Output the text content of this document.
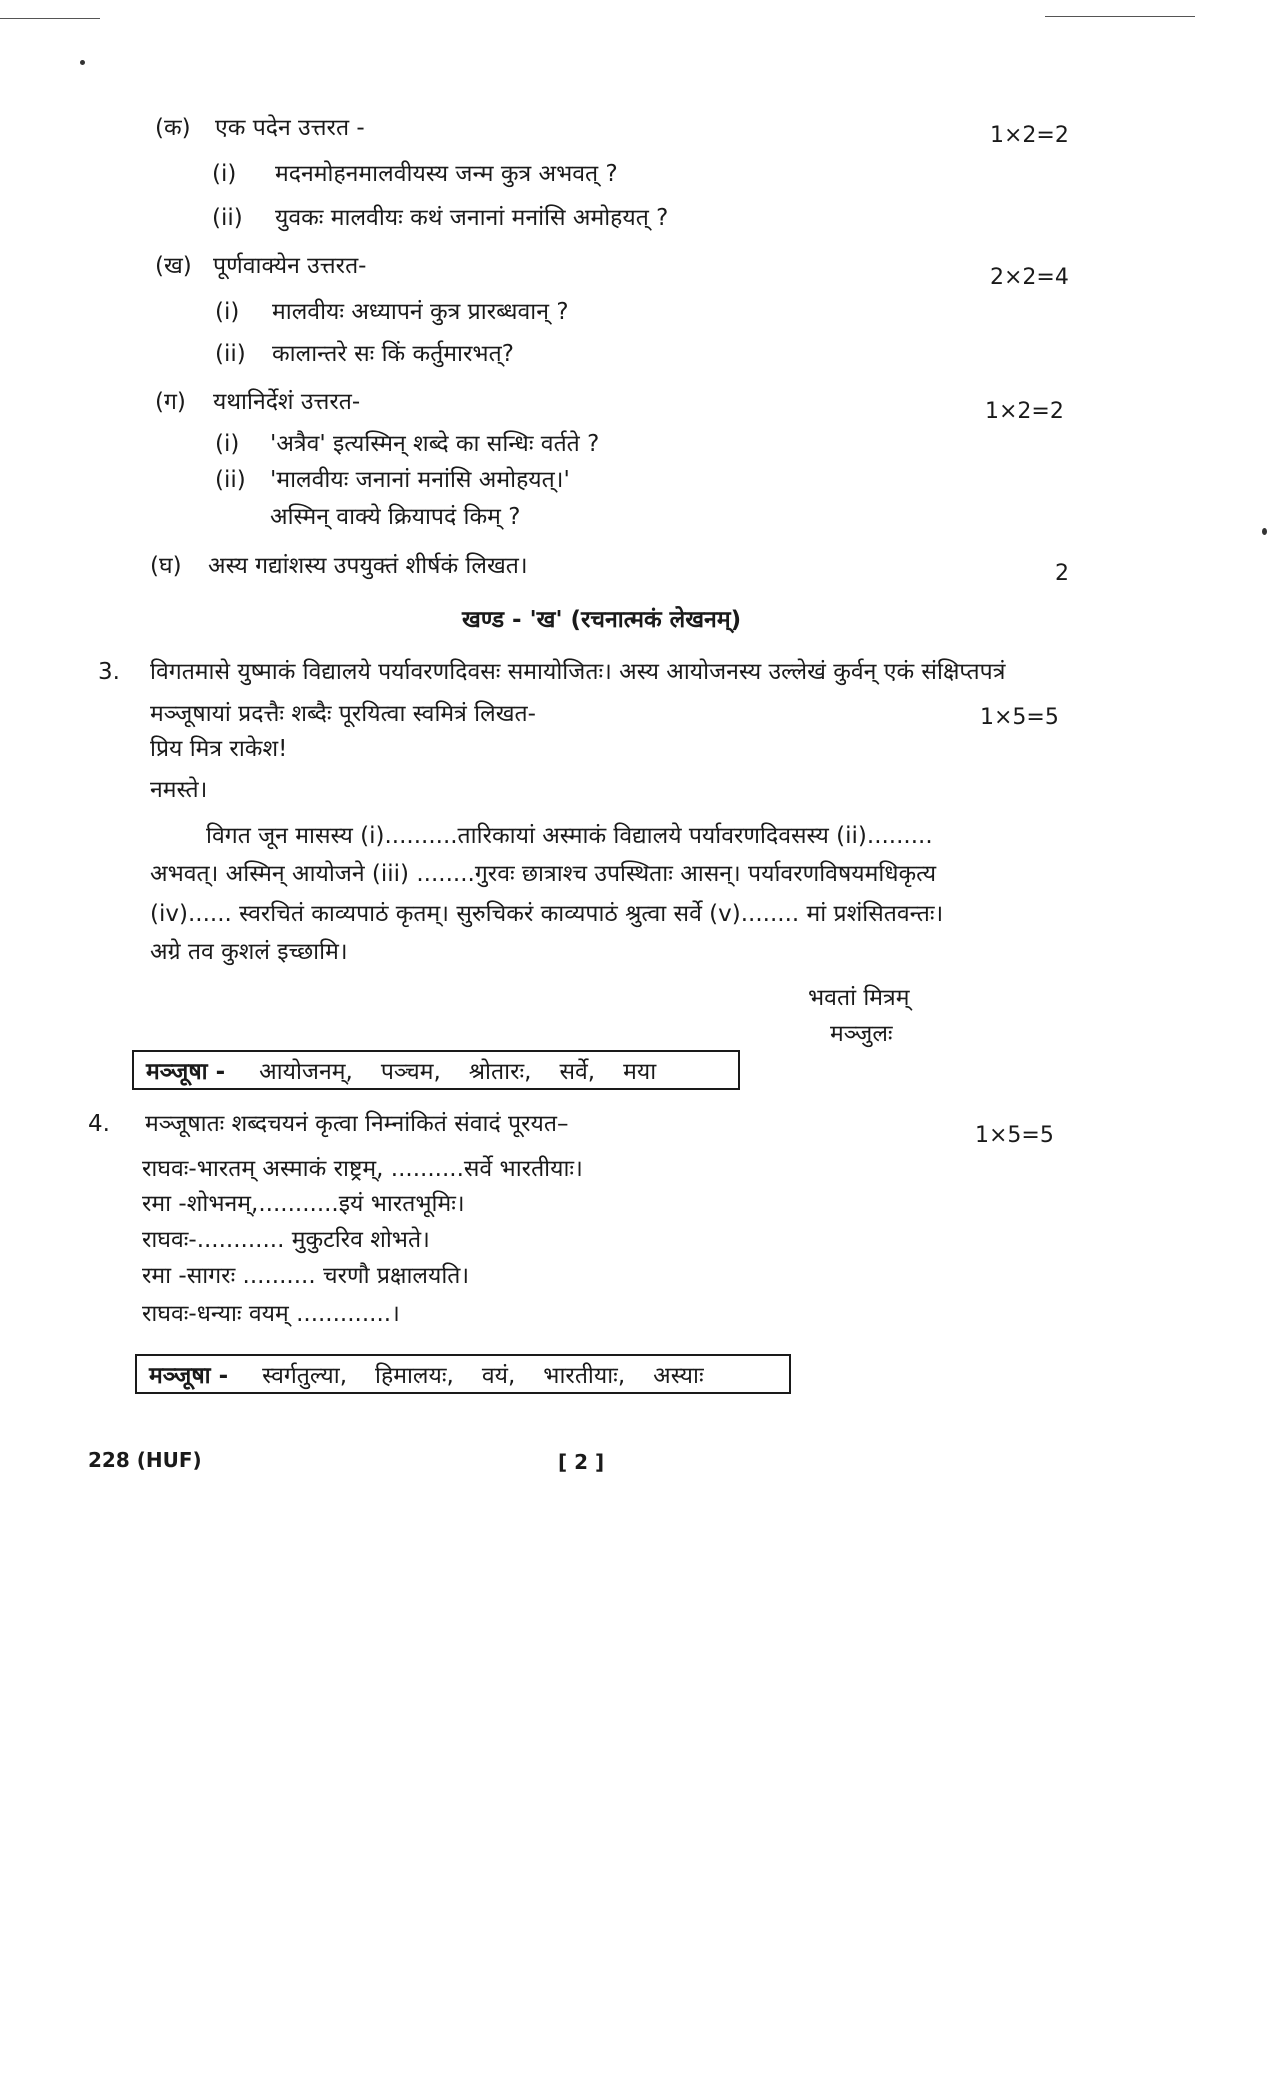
(क) एक पदेन उत्तरत -	1×2=2
(i) मदनमोहनमालवीयस्य जन्म कुत्र अभवत् ?
(ii) युवकः मालवीयः कथं जनानां मनांसि अमोहयत् ?
(ख) पूर्णवाक्येन उत्तरत-	2×2=4
(i) मालवीयः अध्यापनं कुत्र प्रारब्धवान् ?
(ii) कालान्तरे सः किं कर्तुमारभत्?
(ग) यथानिर्देशं उत्तरत-	1×2=2
(i) 'अत्रैव' इत्यस्मिन् शब्दे का सन्धिः वर्तते ?
(ii) 'मालवीयः जनानां मनांसि अमोहयत्।'
अस्मिन् वाक्ये क्रियापदं किम् ?
(घ) अस्य गद्यांशस्य उपयुक्तं शीर्षकं लिखत।	2
खण्ड - 'ख' (रचनात्मकं लेखनम्)
3. विगतमासे युष्माकं विद्यालये पर्यावरणदिवसः समायोजितः। अस्य आयोजनस्य उल्लेखं कुर्वन् एकं संक्षिप्तपत्रं
मञ्जूषायां प्रदत्तैः शब्दैः पूरयित्वा स्वमित्रं लिखत-	1×5=5
प्रिय मित्र राकेश!
नमस्ते।
विगत जून मासस्य (i)..........तारिकायां अस्माकं विद्यालये पर्यावरणदिवसस्य (ii).........
अभवत्। अस्मिन् आयोजने (iii) ........गुरवः छात्राश्च उपस्थिताः आसन्। पर्यावरणविषयमधिकृत्य
(iv)...... स्वरचितं काव्यपाठं कृतम्। सुरुचिकरं काव्यपाठं श्रुत्वा सर्वे (v)........ मां प्रशंसितवन्तः।
अग्रे तव कुशलं इच्छामि।
भवतां मित्रम्
मञ्जुलः
मञ्जूषा - आयोजनम्, पञ्चम, श्रोतारः, सर्वे, मया
4. मञ्जूषातः शब्दचयनं कृत्वा निम्नांकितं संवादं पूरयत–	1×5=5
राघवः-भारतम् अस्माकं राष्ट्रम्, ..........सर्वे भारतीयाः।
रमा -शोभनम्,...........इयं भारतभूमिः।
राघवः-............ मुकुटरिव शोभते।
रमा -सागरः .......... चरणौ प्रक्षालयति।
राघवः-धन्याः वयम् .............।
मञ्जूषा - स्वर्गतुल्या, हिमालयः, वयं, भारतीयाः, अस्याः
228 (HUF)	[ 2 ]
